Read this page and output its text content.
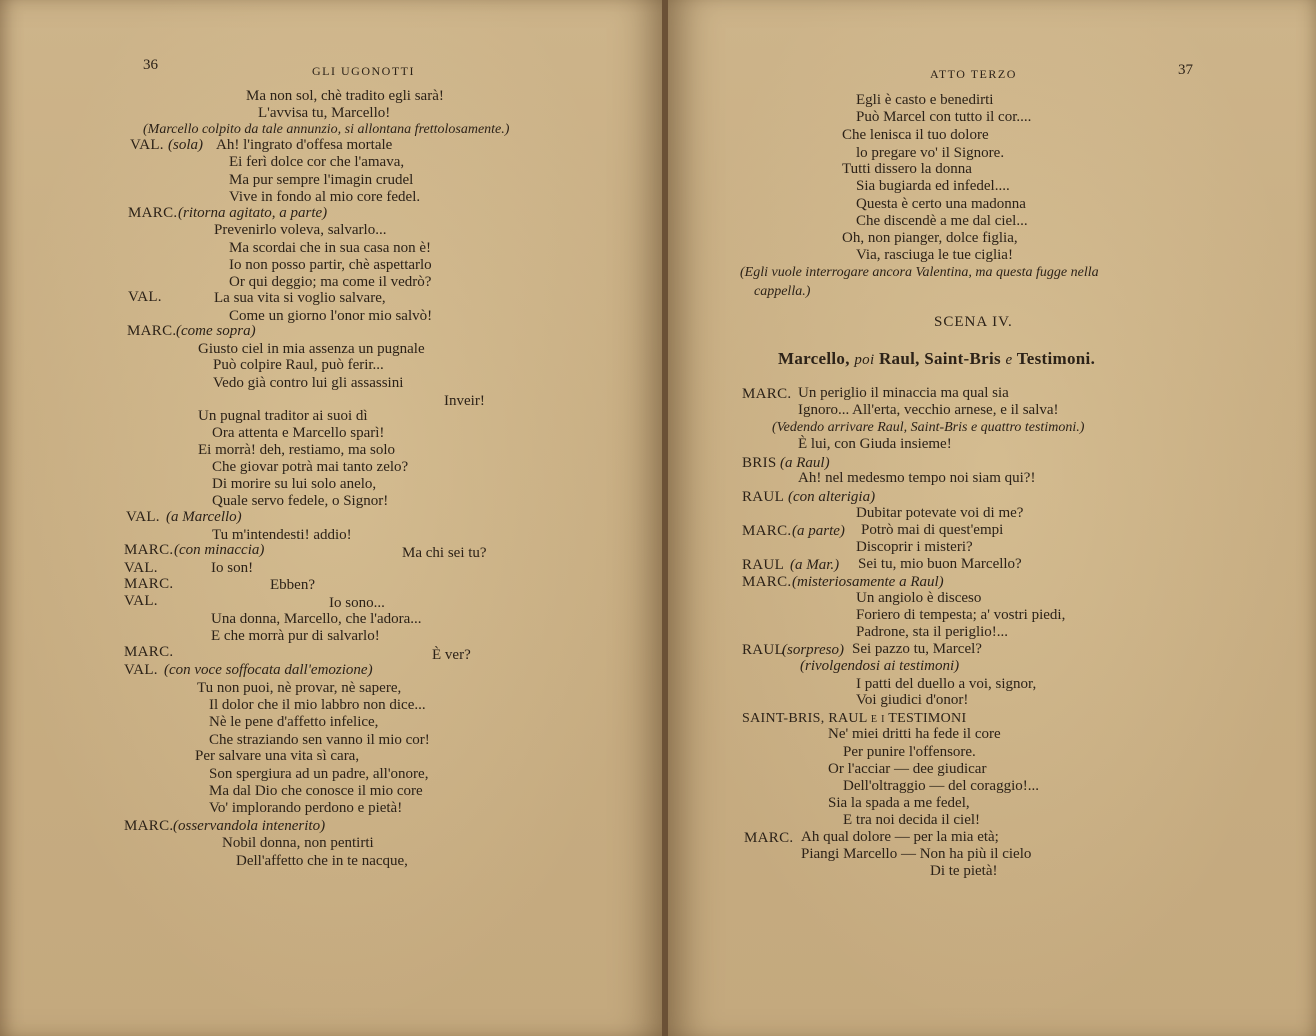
36	GLI UGONOTTI
Ma non sol, chè tradito egli sarà!
L'avvisa tu, Marcello!
(Marcello colpito da tale annunzio, si allontana frettolosamente.)
VAL. (sola) Ah! l'ingrato d'offesa mortale
Ei ferì dolce cor che l'amava,
Ma pur sempre l'imagin crudel
Vive in fondo al mio core fedel.
MARC. (ritorna agitato, a parte)
Prevenirlo voleva, salvarlo...
Ma scordai che in sua casa non è!
Io non posso partir, chè aspettarlo
Or qui deggio; ma come il vedrò?
VAL.	La sua vita si voglio salvare,
Come un giorno l'onor mio salvò!
MARC. (come sopra)
Giusto ciel in mia assenza un pugnale
Può colpire Raul, può ferir...
Vedo già contro lui gli assassini
Inveir!
Un pugnal traditor ai suoi dì
Ora attenta e Marcello sparì!
Ei morrà! deh, restiamo, ma solo
Che giovar potrà mai tanto zelo?
Di morire su lui solo anelo,
Quale servo fedele, o Signor!
VAL. (a Marcello)
Tu m'intendesti! addio!
MARC. (con minaccia)	Ma chi sei tu?
VAL.	Io son!
MARC.	Ebben?
VAL.	Io sono...
Una donna, Marcello, che l'adora...
E che morrà pur di salvarlo!
MARC.	È ver?
VAL. (con voce soffocata dall'emozione)
Tu non puoi, nè provar, nè sapere,
Il dolor che il mio labbro non dice...
Nè le pene d'affetto infelice,
Che straziando sen vanno il mio cor!
Per salvare una vita sì cara,
Son spergiura ad un padre, all'onore,
Ma dal Dio che conosce il mio core
Vo' implorando perdono e pietà!
MARC. (osservandola intenerito)
Nobil donna, non pentirti
Dell'affetto che in te nacque,
ATTO TERZO	37
Egli è casto e benedirti
Può Marcel con tutto il cor....
Che lenisca il tuo dolore
lo pregare vo' il Signore.
Tutti dissero la donna
Sia bugiarda ed infedel....
Questa è certo una madonna
Che discendè a me dal ciel...
Oh, non pianger, dolce figlia,
Via, rasciuga le tue ciglia!
(Egli vuole interrogare ancora Valentina, ma questa fugge nella
cappella.)
SCENA IV.
Marcello, poi Raul, Saint-Bris e Testimoni.
MARC. Un periglio il minaccia ma qual sia
Ignoro... All'erta, vecchio arnese, e il salva!
(Vedendo arrivare Raul, Saint-Bris e quattro testimoni.)
È lui, con Giuda insieme!
BRIS (a Raul)
Ah! nel medesmo tempo noi siam qui?!
RAUL (con alterigia)
Dubitar potevate voi di me?
MARC. (a parte) Potrò mai di quest'empi
Discoprir i misteri?
RAUL (a Mar.) Sei tu, mio buon Marcello?
MARC. (misteriosamente a Raul)
Un angiolo è disceso
Foriero di tempesta; a' vostri piedi,
Padrone, sta il periglio!...
RAUL
(sorpreso) Sei pazzo tu, Marcel?
(rivolgendosi ai testimoni)
I patti del duello a voi, signor,
Voi giudici d'onor!
SAINT-BRIS, RAUL e i TESTIMONI
Ne' miei dritti ha fede il core
Per punire l'offensore.
Or l'acciar — dee giudicar
Dell'oltraggio — del coraggio!...
Sia la spada a me fedel,
E tra noi decida il ciel!
MARC. Ah qual dolore — per la mia età;
Piangi Marcello — Non ha più il cielo
Di te pietà!
